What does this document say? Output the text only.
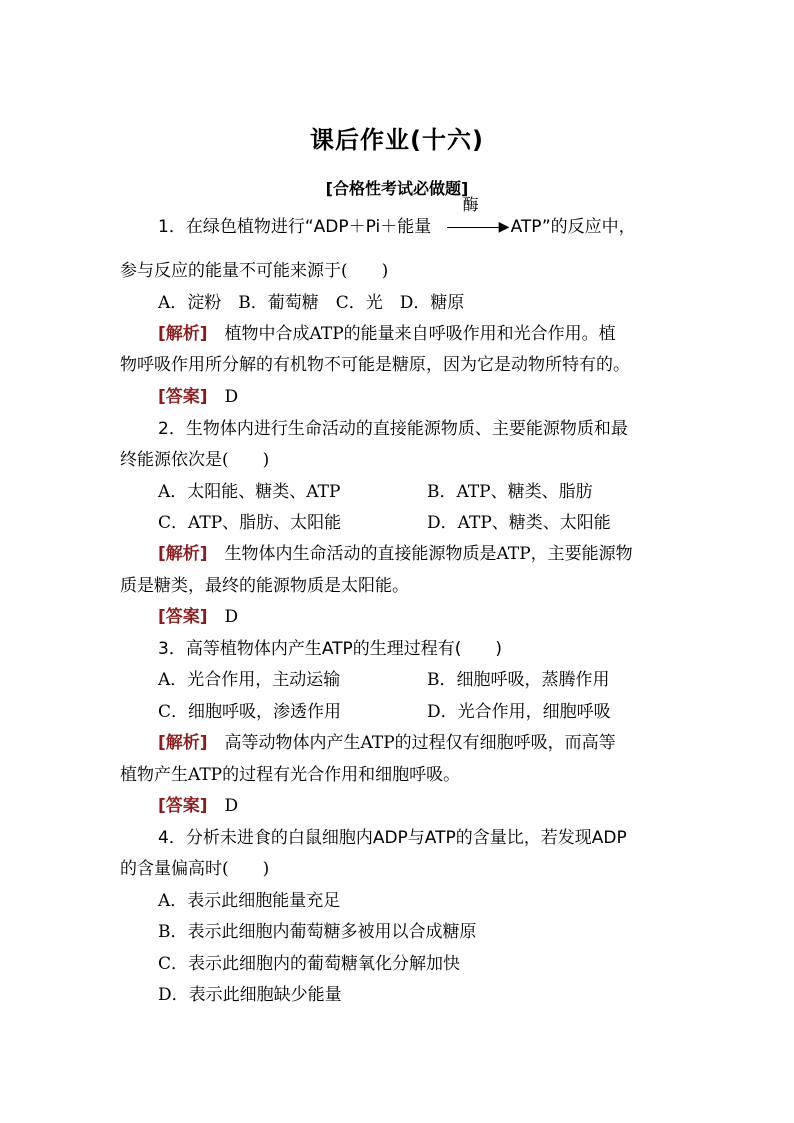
课后作业(十六)
[合格性考试必做题]
1．在绿色植物进行“ADP＋Pi＋能量
酶
▶ ATP”的反应中，
参与反应的能量不可能来源于(　　)
A．淀粉　B．葡萄糖　C．光　D．糖原
[解析]　植物中合成ATP的能量来自呼吸作用和光合作用。植
物呼吸作用所分解的有机物不可能是糖原，因为它是动物所特有的。
[答案]　D
2．生物体内进行生命活动的直接能源物质、主要能源物质和最
终能源依次是(　　)
A．太阳能、糖类、ATP	B．ATP、糖类、脂肪
C．ATP、脂肪、太阳能	D．ATP、糖类、太阳能
[解析]　生物体内生命活动的直接能源物质是ATP，主要能源物
质是糖类，最终的能源物质是太阳能。
[答案]　D
3．高等植物体内产生ATP的生理过程有(　　)
A．光合作用，主动运输	B．细胞呼吸，蒸腾作用
C．细胞呼吸，渗透作用	D．光合作用，细胞呼吸
[解析]　高等动物体内产生ATP的过程仅有细胞呼吸，而高等
植物产生ATP的过程有光合作用和细胞呼吸。
[答案]　D
4．分析未进食的白鼠细胞内ADP与ATP的含量比，若发现ADP
的含量偏高时(　　)
A．表示此细胞能量充足
B．表示此细胞内葡萄糖多被用以合成糖原
C．表示此细胞内的葡萄糖氧化分解加快
D．表示此细胞缺少能量
